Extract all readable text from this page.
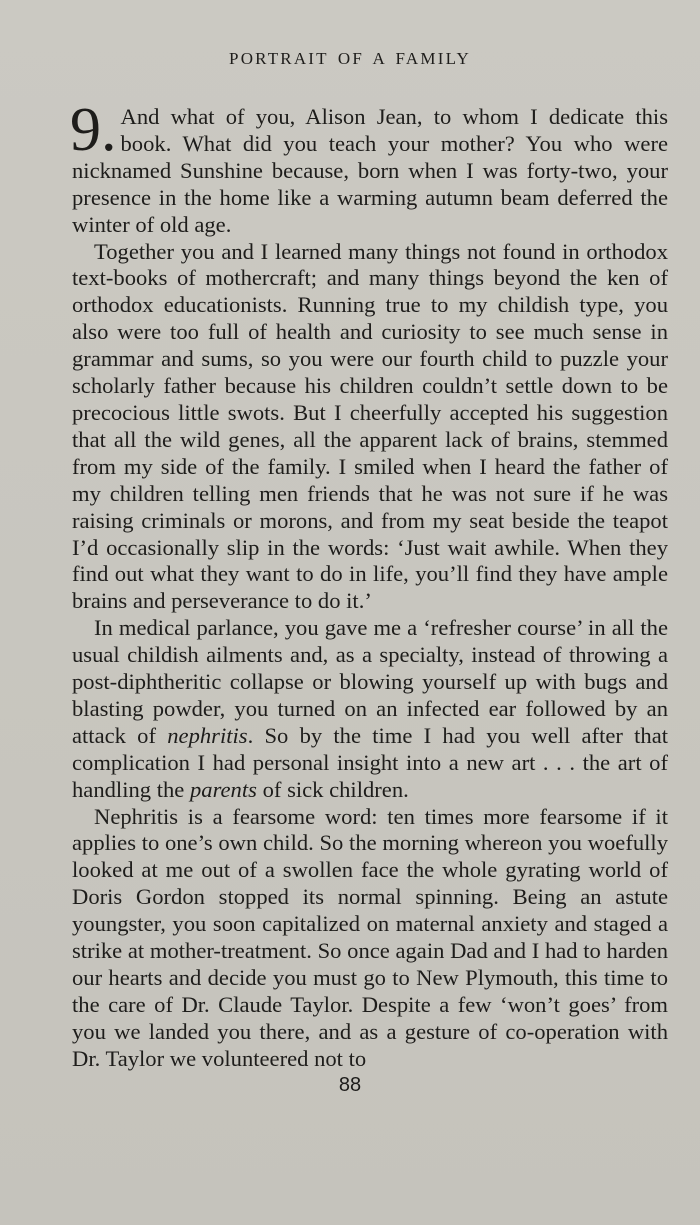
PORTRAIT OF A FAMILY

9. And what of you, Alison Jean, to whom I dedicate this book. What did you teach your mother? You who were nicknamed Sunshine because, born when I was forty-two, your presence in the home like a warming autumn beam deferred the winter of old age.

Together you and I learned many things not found in orthodox text-books of mothercraft; and many things beyond the ken of orthodox educationists. Running true to my childish type, you also were too full of health and curiosity to see much sense in grammar and sums, so you were our fourth child to puzzle your scholarly father because his children couldn’t settle down to be precocious little swots. But I cheerfully accepted his suggestion that all the wild genes, all the apparent lack of brains, stemmed from my side of the family. I smiled when I heard the father of my children telling men friends that he was not sure if he was raising criminals or morons, and from my seat beside the teapot I’d occasionally slip in the words: ‘Just wait awhile. When they find out what they want to do in life, you’ll find they have ample brains and perseverance to do it.’

In medical parlance, you gave me a ‘refresher course’ in all the usual childish ailments and, as a specialty, instead of throwing a post-diphtheritic collapse or blowing yourself up with bugs and blasting powder, you turned on an infected ear followed by an attack of nephritis. So by the time I had you well after that complication I had personal insight into a new art . . . the art of handling the parents of sick children.

Nephritis is a fearsome word: ten times more fearsome if it applies to one’s own child. So the morning whereon you woefully looked at me out of a swollen face the whole gyrating world of Doris Gordon stopped its normal spinning. Being an astute youngster, you soon capitalized on maternal anxiety and staged a strike at mother-treatment. So once again Dad and I had to harden our hearts and decide you must go to New Plymouth, this time to the care of Dr. Claude Taylor. Despite a few ‘won’t goes’ from you we landed you there, and as a gesture of co-operation with Dr. Taylor we volunteered not to

88
